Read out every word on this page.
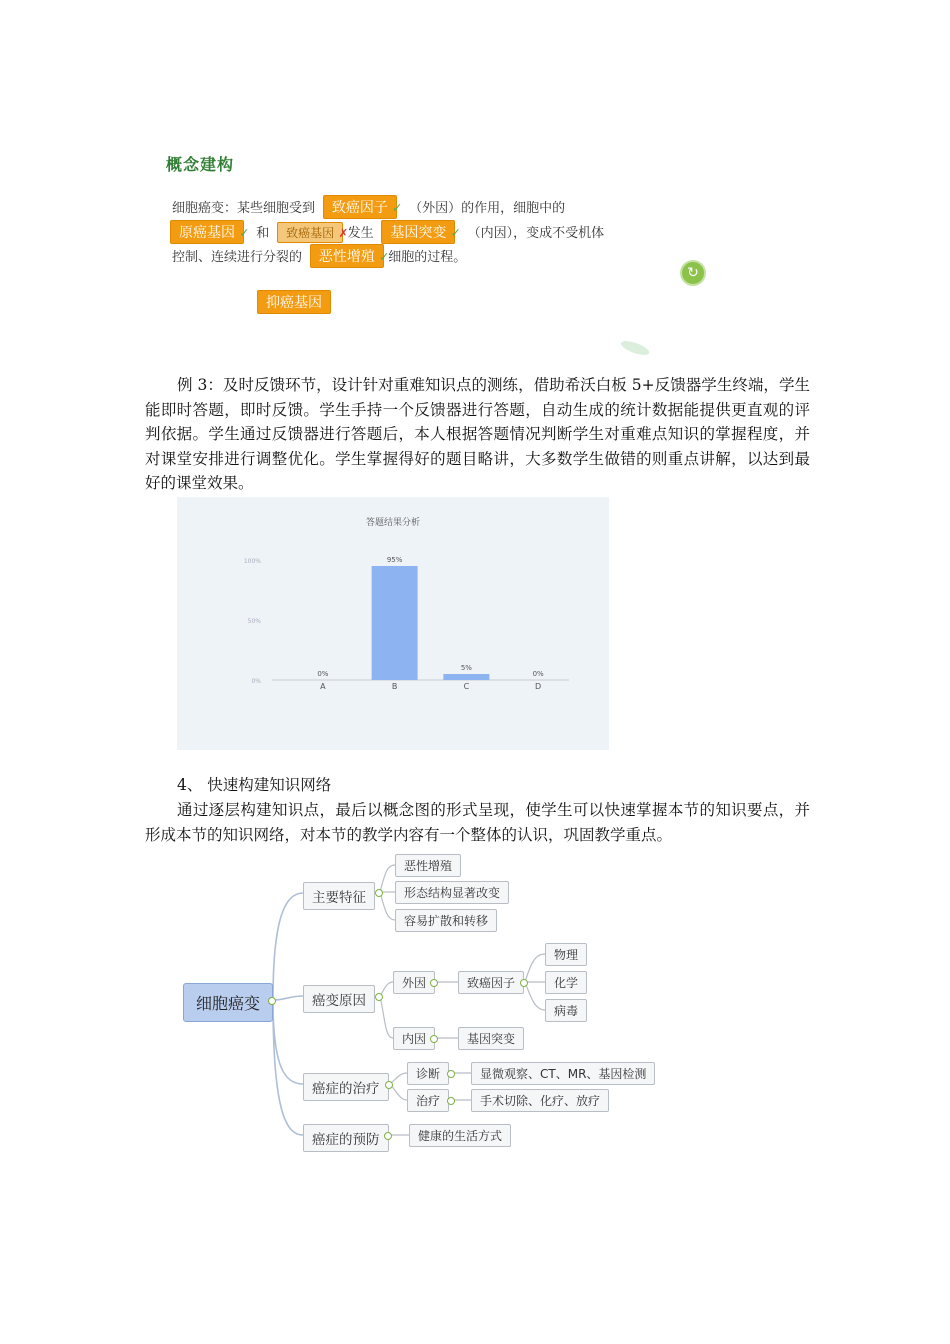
概念建构
细胞癌变：某些细胞受到 致癌因子 ✓ （外因）的作用，细胞中的
原癌基因 ✓ 和 致癌基因 ✗发生 基因突变 ✓ （内因），变成不受机体
控制、连续进行分裂的 恶性增殖 ✓细胞的过程。
↻
抑癌基因
例 3：及时反馈环节，设计针对重难知识点的测练，借助希沃白板 5+反馈器学生终端，学生能即时答题，即时反馈。学生手持一个反馈器进行答题，自动生成的统计数据能提供更直观的评判依据。学生通过反馈器进行答题后，本人根据答题情况判断学生对重难点知识的掌握程度，并对课堂安排进行调整优化。学生掌握得好的题目略讲，大多数学生做错的则重点讲解，以达到最好的课堂效果。
答题结果分析
0%
50%
100%
0%
A
95%
B
5%
C
0%
D
4、 快速构建知识网络
通过逐层构建知识点，最后以概念图的形式呈现，使学生可以快速掌握本节的知识要点，并形成本节的知识网络，对本节的教学内容有一个整体的认识，巩固教学重点。
细胞癌变
主要特征
癌变原因
癌症的治疗
癌症的预防
恶性增殖
形态结构显著改变
容易扩散和转移
外因	致癌因子
物理
化学
病毒
内因	基因突变
诊断	显微观察、CT、MR、基因检测
治疗	手术切除、化疗、放疗
健康的生活方式
